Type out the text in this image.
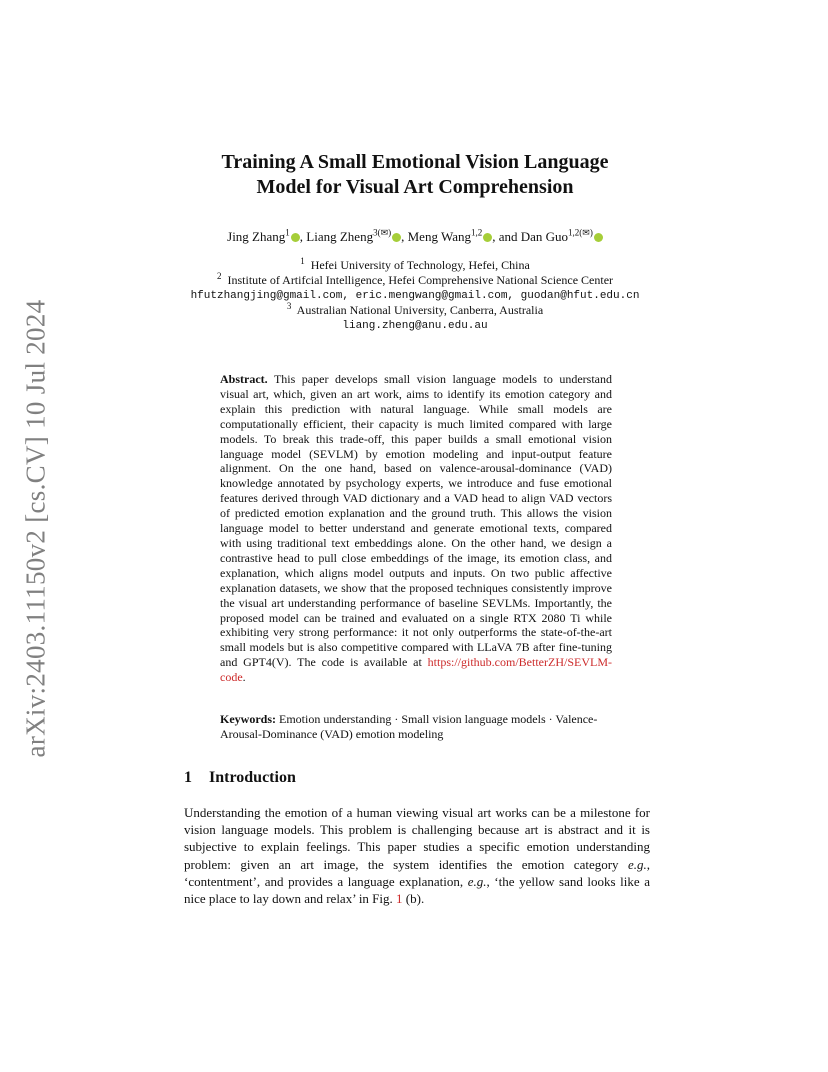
arXiv:2403.11150v2 [cs.CV] 10 Jul 2024
Training A Small Emotional Vision Language
Model for Visual Art Comprehension
Jing Zhang$^1$ , Liang Zheng$^{3(✉)}$ , Meng Wang$^{1,2}$ , and Dan Guo$^{1,2(✉)}$
$^1$ Hefei University of Technology, Hefei, China
$^2$ Institute of Artifcial Intelligence, Hefei Comprehensive National Science Center
hfutzhangjing@gmail.com, eric.mengwang@gmail.com, guodan@hfut.edu.cn
$^3$ Australian National University, Canberra, Australia
liang.zheng@anu.edu.au

Abstract. This paper develops small vision language models to understand visual art, which, given an art work, aims to identify its emotion category and explain this prediction with natural language. While small models are computationally efficient, their capacity is much limited compared with large models. To break this trade-off, this paper builds a small emotional vision language model (SEVLM) by emotion modeling and input-output feature alignment. On the one hand, based on valence-arousal-dominance (VAD) knowledge annotated by psychology experts, we introduce and fuse emotional features derived through VAD dictionary and a VAD head to align VAD vectors of predicted emotion explanation and the ground truth. This allows the vision language model to better understand and generate emotional texts, compared with using traditional text embeddings alone. On the other hand, we design a contrastive head to pull close embeddings of the image, its emotion class, and explanation, which aligns model outputs and inputs. On two public affective explanation datasets, we show that the proposed techniques consistently improve the visual art understanding performance of baseline SEVLMs. Importantly, the proposed model can be trained and evaluated on a single RTX 2080 Ti while exhibiting very strong performance: it not only outperforms the state-of-the-art small models but is also competitive compared with LLaVA 7B after fine-tuning and GPT4(V). The code is available at https://github.com/BetterZH/SEVLM-code.

Keywords: Emotion understanding · Small vision language models · Valence-Arousal-Dominance (VAD) emotion modeling

1 Introduction

Understanding the emotion of a human viewing visual art works can be a milestone for vision language models. This problem is challenging because art is abstract and it is subjective to explain feelings. This paper studies a specific emotion understanding problem: given an art image, the system identifies the emotion category e.g., ‘contentment’, and provides a language explanation, e.g., ‘the yellow sand looks like a nice place to lay down and relax’ in Fig. 1 (b).
